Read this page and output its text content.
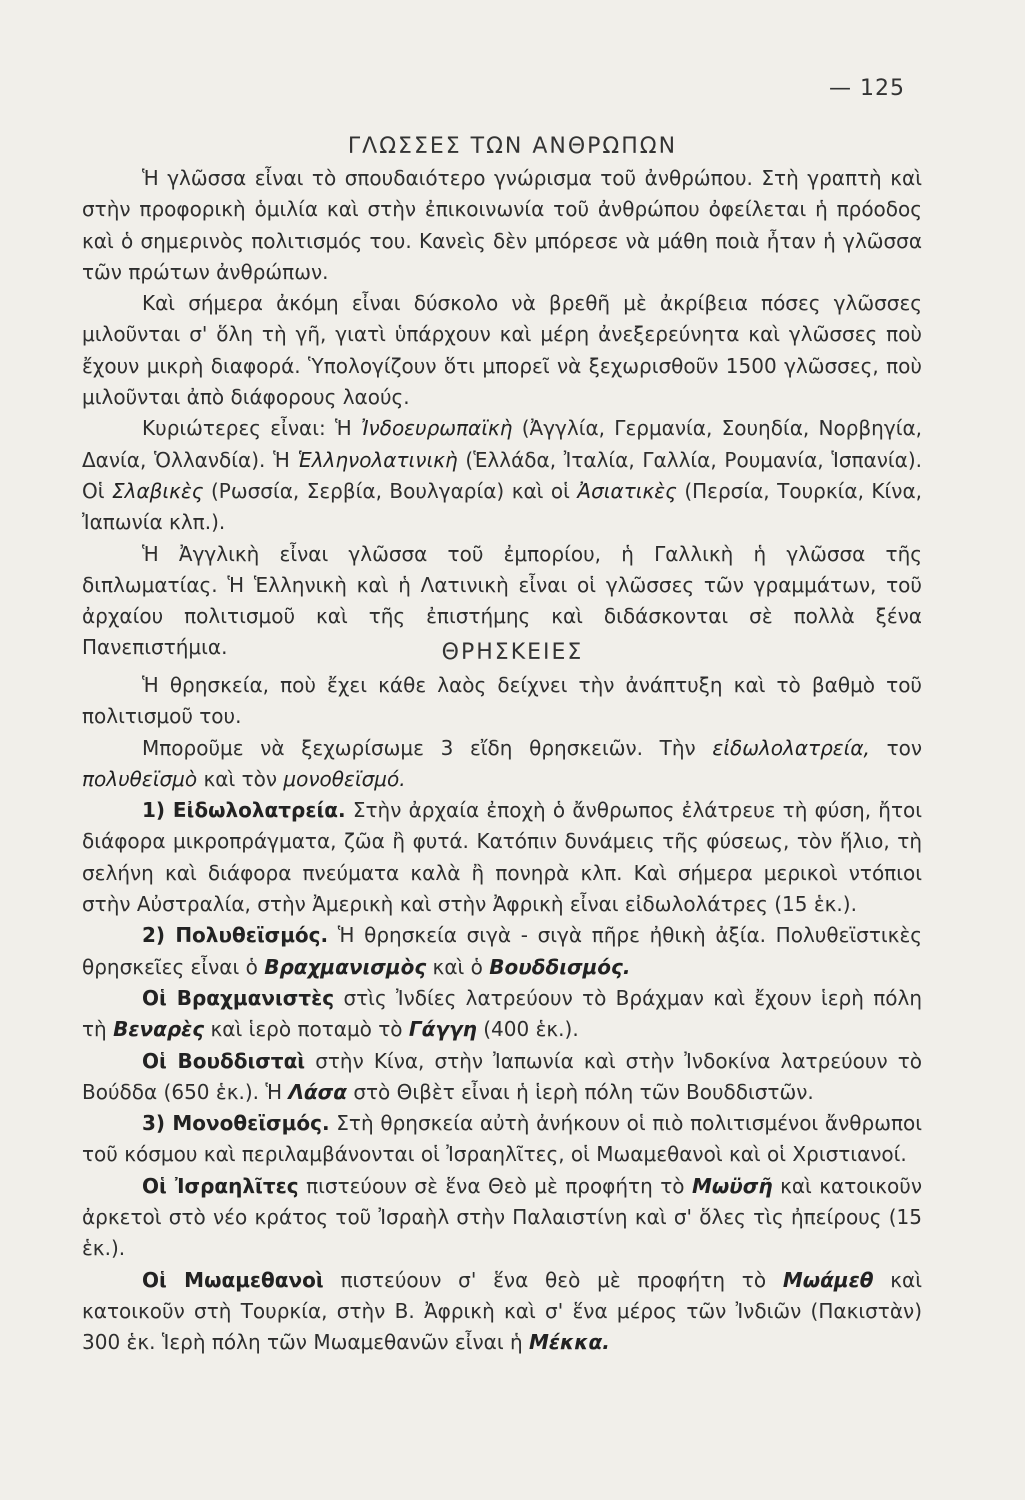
— 125
ΓΛΩΣΣΕΣ ΤΩΝ ΑΝΘΡΩΠΩΝ

Ἡ γλῶσσα εἶναι τὸ σπουδαιότερο γνώρισμα τοῦ ἀνθρώπου. Στὴ γραπτὴ καὶ στὴν προφορικὴ ὁμιλία καὶ στὴν ἐπικοινωνία τοῦ ἀνθρώπου ὀφείλεται ἡ πρόοδος καὶ ὁ σημερινὸς πολιτισμός του. Κανεὶς δὲν μπόρεσε νὰ μάθη ποιὰ ἦταν ἡ γλῶσσα τῶν πρώτων ἀνθρώπων.

Καὶ σήμερα ἀκόμη εἶναι δύσκολο νὰ βρεθῆ μὲ ἀκρίβεια πόσες γλῶσσες μιλοῦνται σ' ὅλη τὴ γῆ, γιατὶ ὑπάρχουν καὶ μέρη ἀνεξερεύνητα καὶ γλῶσσες ποὺ ἔχουν μικρὴ διαφορά. Ὑπολογίζουν ὅτι μπορεῖ νὰ ξεχωρισθοῦν 1500 γλῶσσες, ποὺ μιλοῦνται ἀπὸ διάφορους λαούς.

Κυριώτερες εἶναι: Ἡ Ἰνδοευρωπαϊκὴ (Ἀγγλία, Γερμανία, Σουηδία, Νορβηγία, Δανία, Ὁλλανδία). Ἡ Ἑλληνολατινικὴ (Ἑλλάδα, Ἰταλία, Γαλλία, Ρουμανία, Ἱσπανία). Οἱ Σλαβικὲς (Ρωσσία, Σερβία, Βουλγαρία) καὶ οἱ Ἀσιατικὲς (Περσία, Τουρκία, Κίνα, Ἰαπωνία κλπ.).

Ἡ Ἀγγλικὴ εἶναι γλῶσσα τοῦ ἐμπορίου, ἡ Γαλλικὴ ἡ γλῶσσα τῆς διπλωματίας. Ἡ Ἑλληνικὴ καὶ ἡ Λατινικὴ εἶναι οἱ γλῶσσες τῶν γραμμάτων, τοῦ ἀρχαίου πολιτισμοῦ καὶ τῆς ἐπιστήμης καὶ διδάσκονται σὲ πολλὰ ξένα Πανεπιστήμια.	ΘΡΗΣΚΕΙΕΣ

Ἡ θρησκεία, ποὺ ἔχει κάθε λαὸς δείχνει τὴν ἀνάπτυξη καὶ τὸ βαθμὸ τοῦ πολιτισμοῦ του.

Μποροῦμε νὰ ξεχωρίσωμε 3 εἴδη θρησκειῶν. Τὴν εἰδωλολατρεία, τον πολυθεϊσμὸ καὶ τὸν μονοθεϊσμό.

1) Εἰδωλολατρεία. Στὴν ἀρχαία ἐποχὴ ὁ ἄνθρωπος ἐλάτρευε τὴ φύση, ἤτοι διάφορα μικροπράγματα, ζῶα ἢ φυτά. Κατόπιν δυνάμεις τῆς φύσεως, τὸν ἥλιο, τὴ σελήνη καὶ διάφορα πνεύματα καλὰ ἢ πονηρὰ κλπ. Καὶ σήμερα μερικοὶ ντόπιοι στὴν Αὐστραλία, στὴν Ἀμερικὴ καὶ στὴν Ἀφρικὴ εἶναι εἰδωλολάτρες (15 ἑκ.).

2) Πολυθεϊσμός. Ἡ θρησκεία σιγὰ - σιγὰ πῆρε ἠθικὴ ἀξία. Πολυθεϊστικὲς θρησκεῖες εἶναι ὁ Βραχμανισμὸς καὶ ὁ Βουδδισμός.

Οἱ Βραχμανιστὲς στὶς Ἰνδίες λατρεύουν τὸ Βράχμαν καὶ ἔχουν ἱερὴ πόλη τὴ Βεναρὲς καὶ ἱερὸ ποταμὸ τὸ Γάγγη (400 ἑκ.).

Οἱ Βουδδισταὶ στὴν Κίνα, στὴν Ἰαπωνία καὶ στὴν Ἰνδοκίνα λατρεύουν τὸ Βούδδα (650 ἑκ.). Ἡ Λάσα στὸ Θιβὲτ εἶναι ἡ ἱερὴ πόλη τῶν Βουδδιστῶν.

3) Μονοθεϊσμός. Στὴ θρησκεία αὐτὴ ἀνήκουν οἱ πιὸ πολιτισμένοι ἄνθρωποι τοῦ κόσμου καὶ περιλαμβάνονται οἱ Ἰσραηλῖτες, οἱ Μωαμεθανοὶ καὶ οἱ Χριστιανοί.

Οἱ Ἰσραηλῖτες πιστεύουν σὲ ἕνα Θεὸ μὲ προφήτη τὸ Μωϋσῆ καὶ κατοικοῦν ἀρκετοὶ στὸ νέο κράτος τοῦ Ἰσραὴλ στὴν Παλαιστίνη καὶ σ' ὅλες τὶς ἠπείρους (15 ἑκ.).

Οἱ Μωαμεθανοὶ πιστεύουν σ' ἕνα θεὸ μὲ προφήτη τὸ Μωάμεθ καὶ κατοικοῦν στὴ Τουρκία, στὴν Β. Ἀφρικὴ καὶ σ' ἕνα μέρος τῶν Ἰνδιῶν (Πακιστὰν) 300 ἑκ. Ἱερὴ πόλη τῶν Μωαμεθανῶν εἶναι ἡ Μέκκα.
